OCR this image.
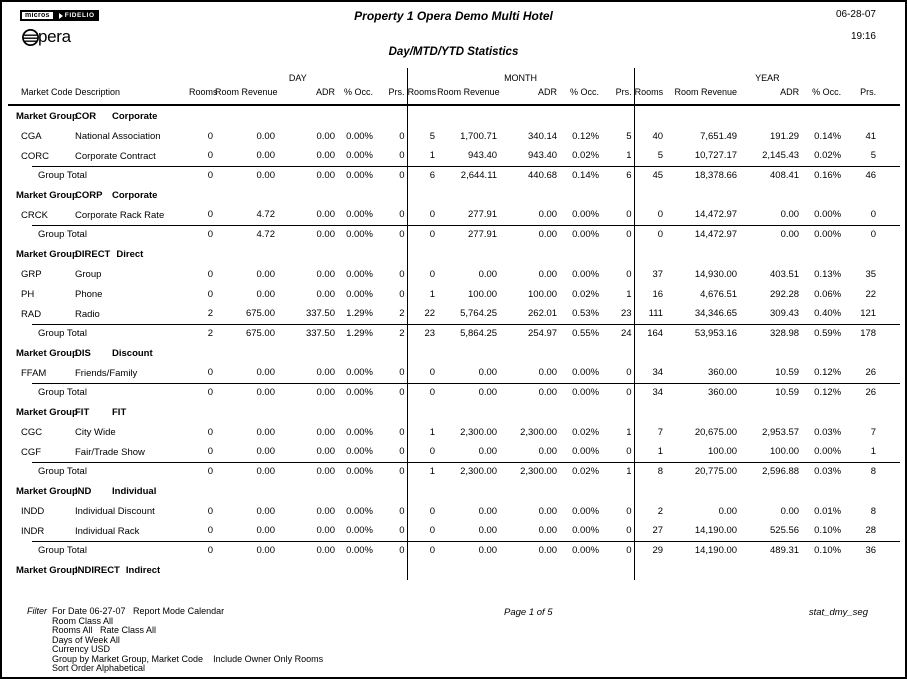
micros	FIDELIO
pera
Property 1 Opera Demo Multi Hotel	06-28-07
19:16
Day/MTD/YTD Statistics
		DAY					MONTH					YEAR				
Market Code	Description	Rooms	Room Revenue	ADR	% Occ.	Prs.	Rooms	Room Revenue	ADR	% Occ.	Prs.	Rooms	Room Revenue	ADR	% Occ.	Prs.
Market Group	COR Corporate															
CGA	National Association	0	0.00	0.00	0.00%	0	5	1,700.71	340.14	0.12%	5	40	7,651.49	191.29	0.14%	41
CORC	Corporate Contract	0	0.00	0.00	0.00%	0	1	943.40	943.40	0.02%	1	5	10,727.17	2,145.43	0.02%	5
Group Total		0	0.00	0.00	0.00%	0	6	2,644.11	440.68	0.14%	6	45	18,378.66	408.41	0.16%	46
Market Group	CORP Corporate															
CRCK	Corporate Rack Rate	0	4.72	0.00	0.00%	0	0	277.91	0.00	0.00%	0	0	14,472.97	0.00	0.00%	0
Group Total		0	4.72	0.00	0.00%	0	0	277.91	0.00	0.00%	0	0	14,472.97	0.00	0.00%	0
Market Group	DIRECT Direct															
GRP	Group	0	0.00	0.00	0.00%	0	0	0.00	0.00	0.00%	0	37	14,930.00	403.51	0.13%	35
PH	Phone	0	0.00	0.00	0.00%	0	1	100.00	100.00	0.02%	1	16	4,676.51	292.28	0.06%	22
RAD	Radio	2	675.00	337.50	1.29%	2	22	5,764.25	262.01	0.53%	23	111	34,346.65	309.43	0.40%	121
Group Total		2	675.00	337.50	1.29%	2	23	5,864.25	254.97	0.55%	24	164	53,953.16	328.98	0.59%	178
Market Group	DIS Discount															
FFAM	Friends/Family	0	0.00	0.00	0.00%	0	0	0.00	0.00	0.00%	0	34	360.00	10.59	0.12%	26
Group Total		0	0.00	0.00	0.00%	0	0	0.00	0.00	0.00%	0	34	360.00	10.59	0.12%	26
Market Group	FIT FIT															
CGC	City Wide	0	0.00	0.00	0.00%	0	1	2,300.00	2,300.00	0.02%	1	7	20,675.00	2,953.57	0.03%	7
CGF	Fair/Trade Show	0	0.00	0.00	0.00%	0	0	0.00	0.00	0.00%	0	1	100.00	100.00	0.00%	1
Group Total		0	0.00	0.00	0.00%	0	1	2,300.00	2,300.00	0.02%	1	8	20,775.00	2,596.88	0.03%	8
Market Group	IND Individual															
INDD	Individual Discount	0	0.00	0.00	0.00%	0	0	0.00	0.00	0.00%	0	2	0.00	0.00	0.01%	8
INDR	Individual Rack	0	0.00	0.00	0.00%	0	0	0.00	0.00	0.00%	0	27	14,190.00	525.56	0.10%	28
Group Total		0	0.00	0.00	0.00%	0	0	0.00	0.00	0.00%	0	29	14,190.00	489.31	0.10%	36
Market Group	INDIRECT Indirect															
Filter For Date 06-27-07   Report Mode Calendar
Room Class All
Rooms All   Rate Class All
Days of Week All
Currency USD
Group by Market Group, Market Code    Include Owner Only Rooms
Sort Order Alphabetical
Page 1 of 5	stat_dmy_seg
